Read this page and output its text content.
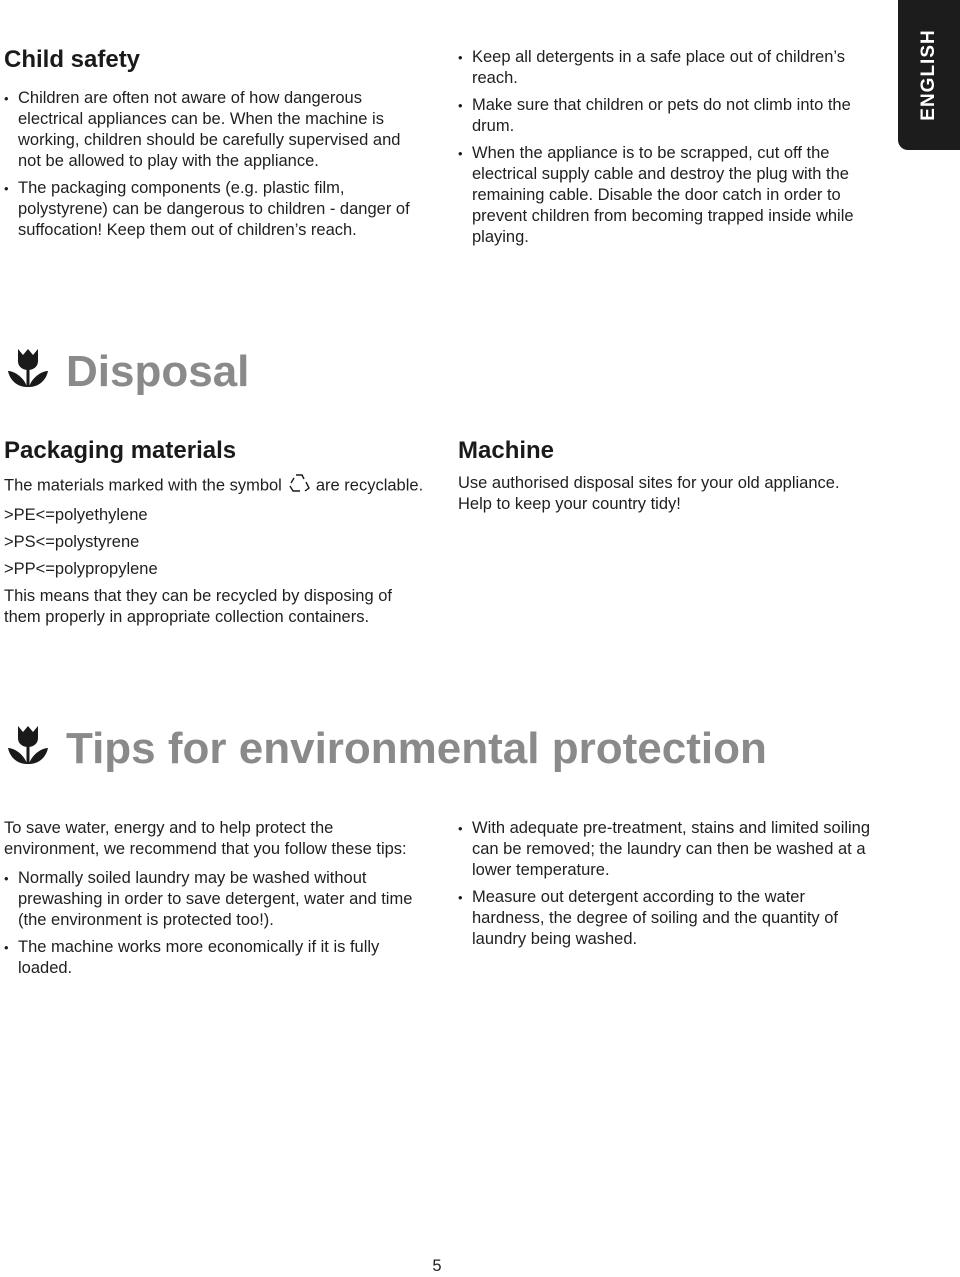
ENGLISH
Child safety
• Children are often not aware of how dangerous electrical appliances can be. When the machine is working, children should be carefully supervised and not be allowed to play with the appliance.
• The packaging components (e.g. plastic film, polystyrene) can be dangerous to children - danger of suffocation! Keep them out of children’s reach.
• Keep all detergents in a safe place out of children’s reach.
• Make sure that children or pets do not climb into the drum.
• When the appliance is to be scrapped, cut off the electrical supply cable and destroy the plug with the remaining cable. Disable the door catch in order to prevent children from becoming trapped inside while playing.
Disposal
Packaging materials

The materials marked with the symbol are recyclable.

>PE<=polyethylene

>PS<=polystyrene

>PP<=polypropylene

This means that they can be recycled by disposing of them properly in appropriate collection containers.

Machine

Use authorised disposal sites for your old appliance. Help to keep your country tidy!

Tips for environmental protection

To save water, energy and to help protect the environment, we recommend that you follow these tips:

• Normally soiled laundry may be washed without prewashing in order to save detergent, water and time (the environment is protected too!).
• The machine works more economically if it is fully loaded.
• With adequate pre-treatment, stains and limited soiling can be removed; the laundry can then be washed at a lower temperature.
• Measure out detergent according to the water hardness, the degree of soiling and the quantity of laundry being washed.
5
